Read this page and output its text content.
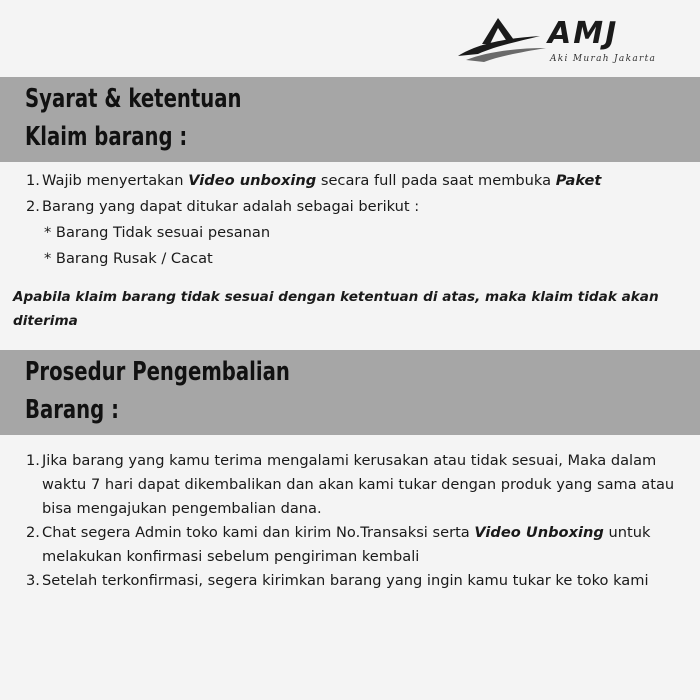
AMJ
Aki Murah Jakarta
Syarat & ketentuan
Klaim barang :
1. Wajib menyertakan Video unboxing secara full pada saat membuka Paket
2. Barang yang dapat ditukar adalah sebagai berikut :
* Barang Tidak sesuai pesanan
* Barang Rusak / Cacat
Apabila klaim barang tidak sesuai dengan ketentuan di atas, maka klaim tidak akan diterima
Prosedur Pengembalian
Barang :
1. Jika barang yang kamu terima mengalami kerusakan atau tidak sesuai, Maka dalam waktu 7 hari dapat dikembalikan dan akan kami tukar dengan produk yang sama atau bisa mengajukan pengembalian dana.
2. Chat segera Admin toko kami dan kirim No.Transaksi serta Video Unboxing untuk melakukan konfirmasi sebelum pengiriman kembali
3. Setelah terkonfirmasi, segera kirimkan barang yang ingin kamu tukar ke toko kami
